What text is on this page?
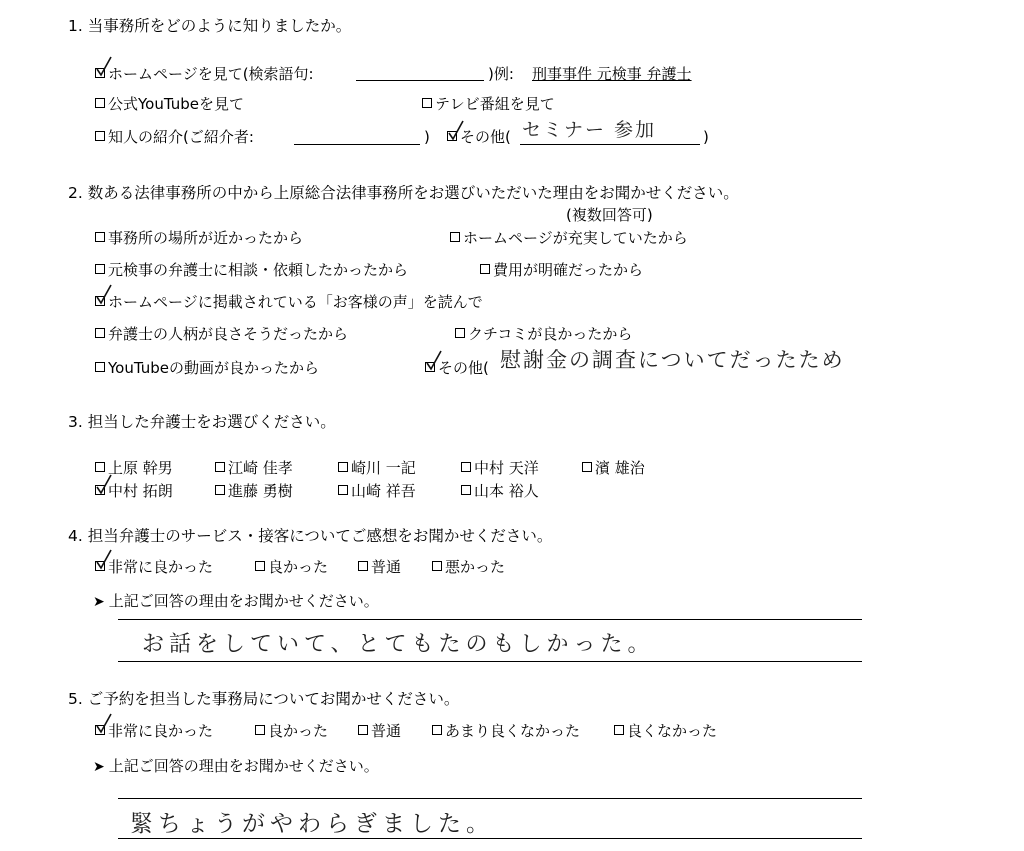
1. 当事務所をどのように知りましたか。
ホームページを見て(検索語句:	)例: 刑事事件 元検事 弁護士
公式YouTubeを見て	テレビ番組を見て
知人の紹介(ご紹介者:	)	その他( セミナー 参加	)
2. 数ある法律事務所の中から上原総合法律事務所をお選びいただいた理由をお聞かせください。
(複数回答可)
事務所の場所が近かったから	ホームページが充実していたから
元検事の弁護士に相談・依頼したかったから	費用が明確だったから
ホームページに掲載されている「お客様の声」を読んで
弁護士の人柄が良さそうだったから	クチコミが良かったから
YouTubeの動画が良かったから	その他( 慰謝金の調査についてだったため
3. 担当した弁護士をお選びください。
上原 幹男	江崎 佳孝	崎川 一記	中村 天洋	濱 雄治
中村 拓朗	進藤 勇樹	山崎 祥吾	山本 裕人
4. 担当弁護士のサービス・接客についてご感想をお聞かせください。
非常に良かった	良かった	普通	悪かった
➤ 上記ご回答の理由をお聞かせください。
お話をしていて、とてもたのもしかった。
5. ご予約を担当した事務局についてお聞かせください。
非常に良かった	良かった	普通	あまり良くなかった	良くなかった
➤ 上記ご回答の理由をお聞かせください。
緊ちょうがやわらぎました。
